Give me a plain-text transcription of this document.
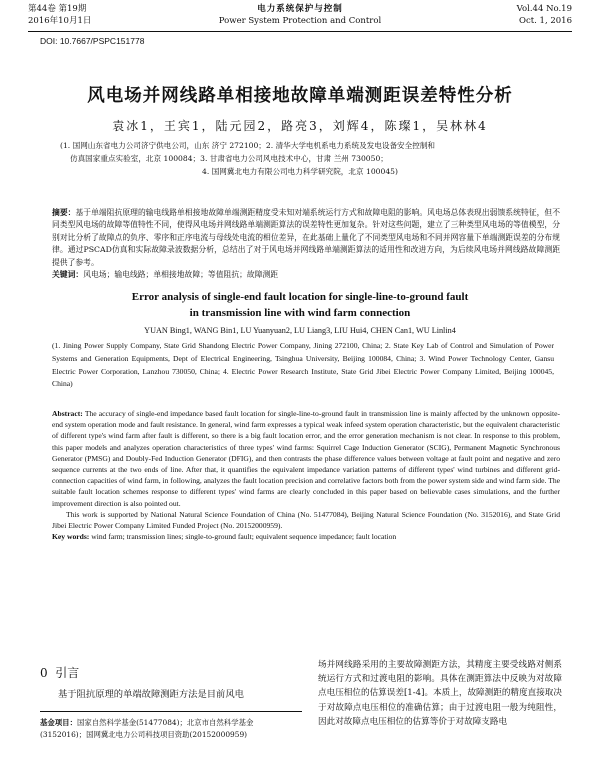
第44卷 第19期
2016年10月1日
电力系统保护与控制
Power System Protection and Control
Vol.44 No.19
Oct. 1, 2016
DOI: 10.7667/PSPC151778
风电场并网线路单相接地故障单端测距误差特性分析
袁冰1，王宾1，陆元园2，路亮3，刘辉4，陈璨1，吴林林4
(1. 国网山东省电力公司济宁供电公司，山东 济宁 272100；2. 清华大学电机系电力系统及发电设备安全控制和
仿真国家重点实验室，北京 100084；3. 甘肃省电力公司风电技术中心，甘肃 兰州 730050；
4. 国网冀北电力有限公司电力科学研究院，北京 100045)
摘要：基于单端阻抗原理的输电线路单相接地故障单端测距精度受未知对端系统运行方式和故障电阻的影响。风电场总体表现出弱馈系统特征，但不同类型风电场的故障等值特性不同，使得风电场并网线路单端测距算法的误差特性更加复杂。针对这些问题，建立了三种类型风电场的等值模型，分别对比分析了故障点的负序、零序和正序电流与母线处电流的相位差异，在此基础上量化了不同类型风电场和不同并网容量下单端测距误差的分布规律。通过PSCAD仿真和实际故障录波数据分析，总结出了对于风电场并网线路单端测距算法的适用性和改进方向，为后续风电场并网线路故障测距提供了参考。
关键词：风电场；输电线路；单相接地故障；等值阻抗；故障测距
Error analysis of single-end fault location for single-line-to-ground fault
in transmission line with wind farm connection
YUAN Bing1, WANG Bin1, LU Yuanyuan2, LU Liang3, LIU Hui4, CHEN Can1, WU Linlin4
(1. Jining Power Supply Company, State Grid Shandong Electric Power Company, Jining 272100, China; 2. State Key Lab of Control and Simulation of Power Systems and Generation Equipments, Dept of Electrical Engineering, Tsinghua University, Beijing 100084, China; 3. Wind Power Technology Center, Gansu Electric Power Corporation, Lanzhou 730050, China; 4. Electric Power Research Institute, State Grid Jibei Electric Power Company Limited, Beijing 100045, China)

Abstract: The accuracy of single-end impedance based fault location for single-line-to-ground fault in transmission line is mainly affected by the unknown opposite-end system operation mode and fault resistance. In general, wind farm expresses a typical weak infeed system operation characteristic, but the equivalent characteristic of different type's wind farm after fault is different, so there is a big fault location error, and the error generation mechanism is not clear. In response to this problem, this paper models and analyzes operation characteristics of three types' wind farms: Squirrel Cage Induction Generator (SCIG), Permanent Magnetic Synchronous Generator (PMSG) and Doubly-Fed Induction Generator (DFIG), and then contrasts the phase difference values between voltage at fault point and negative and zero sequence currents at the two ends of line. After that, it quantifies the equivalent impedance variation patterns of different types' wind turbines and different grid-connection capacities of wind farm, in following, analyzes the fault location precision and correlative factors both from the power system side and wind farm side. The suitable fault location schemes response to different types' wind farms are clearly concluded in this paper based on believable cases simulations, and the further improvement direction is also pointed out.

This work is supported by National Natural Science Foundation of China (No. 51477084), Beijing Natural Science Foundation (No. 3152016), and State Grid Jibei Electric Power Company Limited Funded Project (No. 20152000959).

Key words: wind farm; transmission lines; single-to-ground fault; equivalent sequence impedance; fault location

0 引言
基于阻抗原理的单端故障测距方法是目前风电
基金项目：国家自然科学基金(51477084)；北京市自然科学基金
(3152016)；国网冀北电力公司科技项目资助(20152000959)
场并网线路采用的主要故障测距方法，其精度主要受线路对侧系统运行方式和过渡电阻的影响。具体在测距算法中反映为对故障点电压相位的估算误差[1-4]。本质上，故障测距的精度直接取决于对故障点电压相位的准确估算；由于过渡电阻一般为纯阻性，因此对故障点电压相位的估算等价于对故障支路电
